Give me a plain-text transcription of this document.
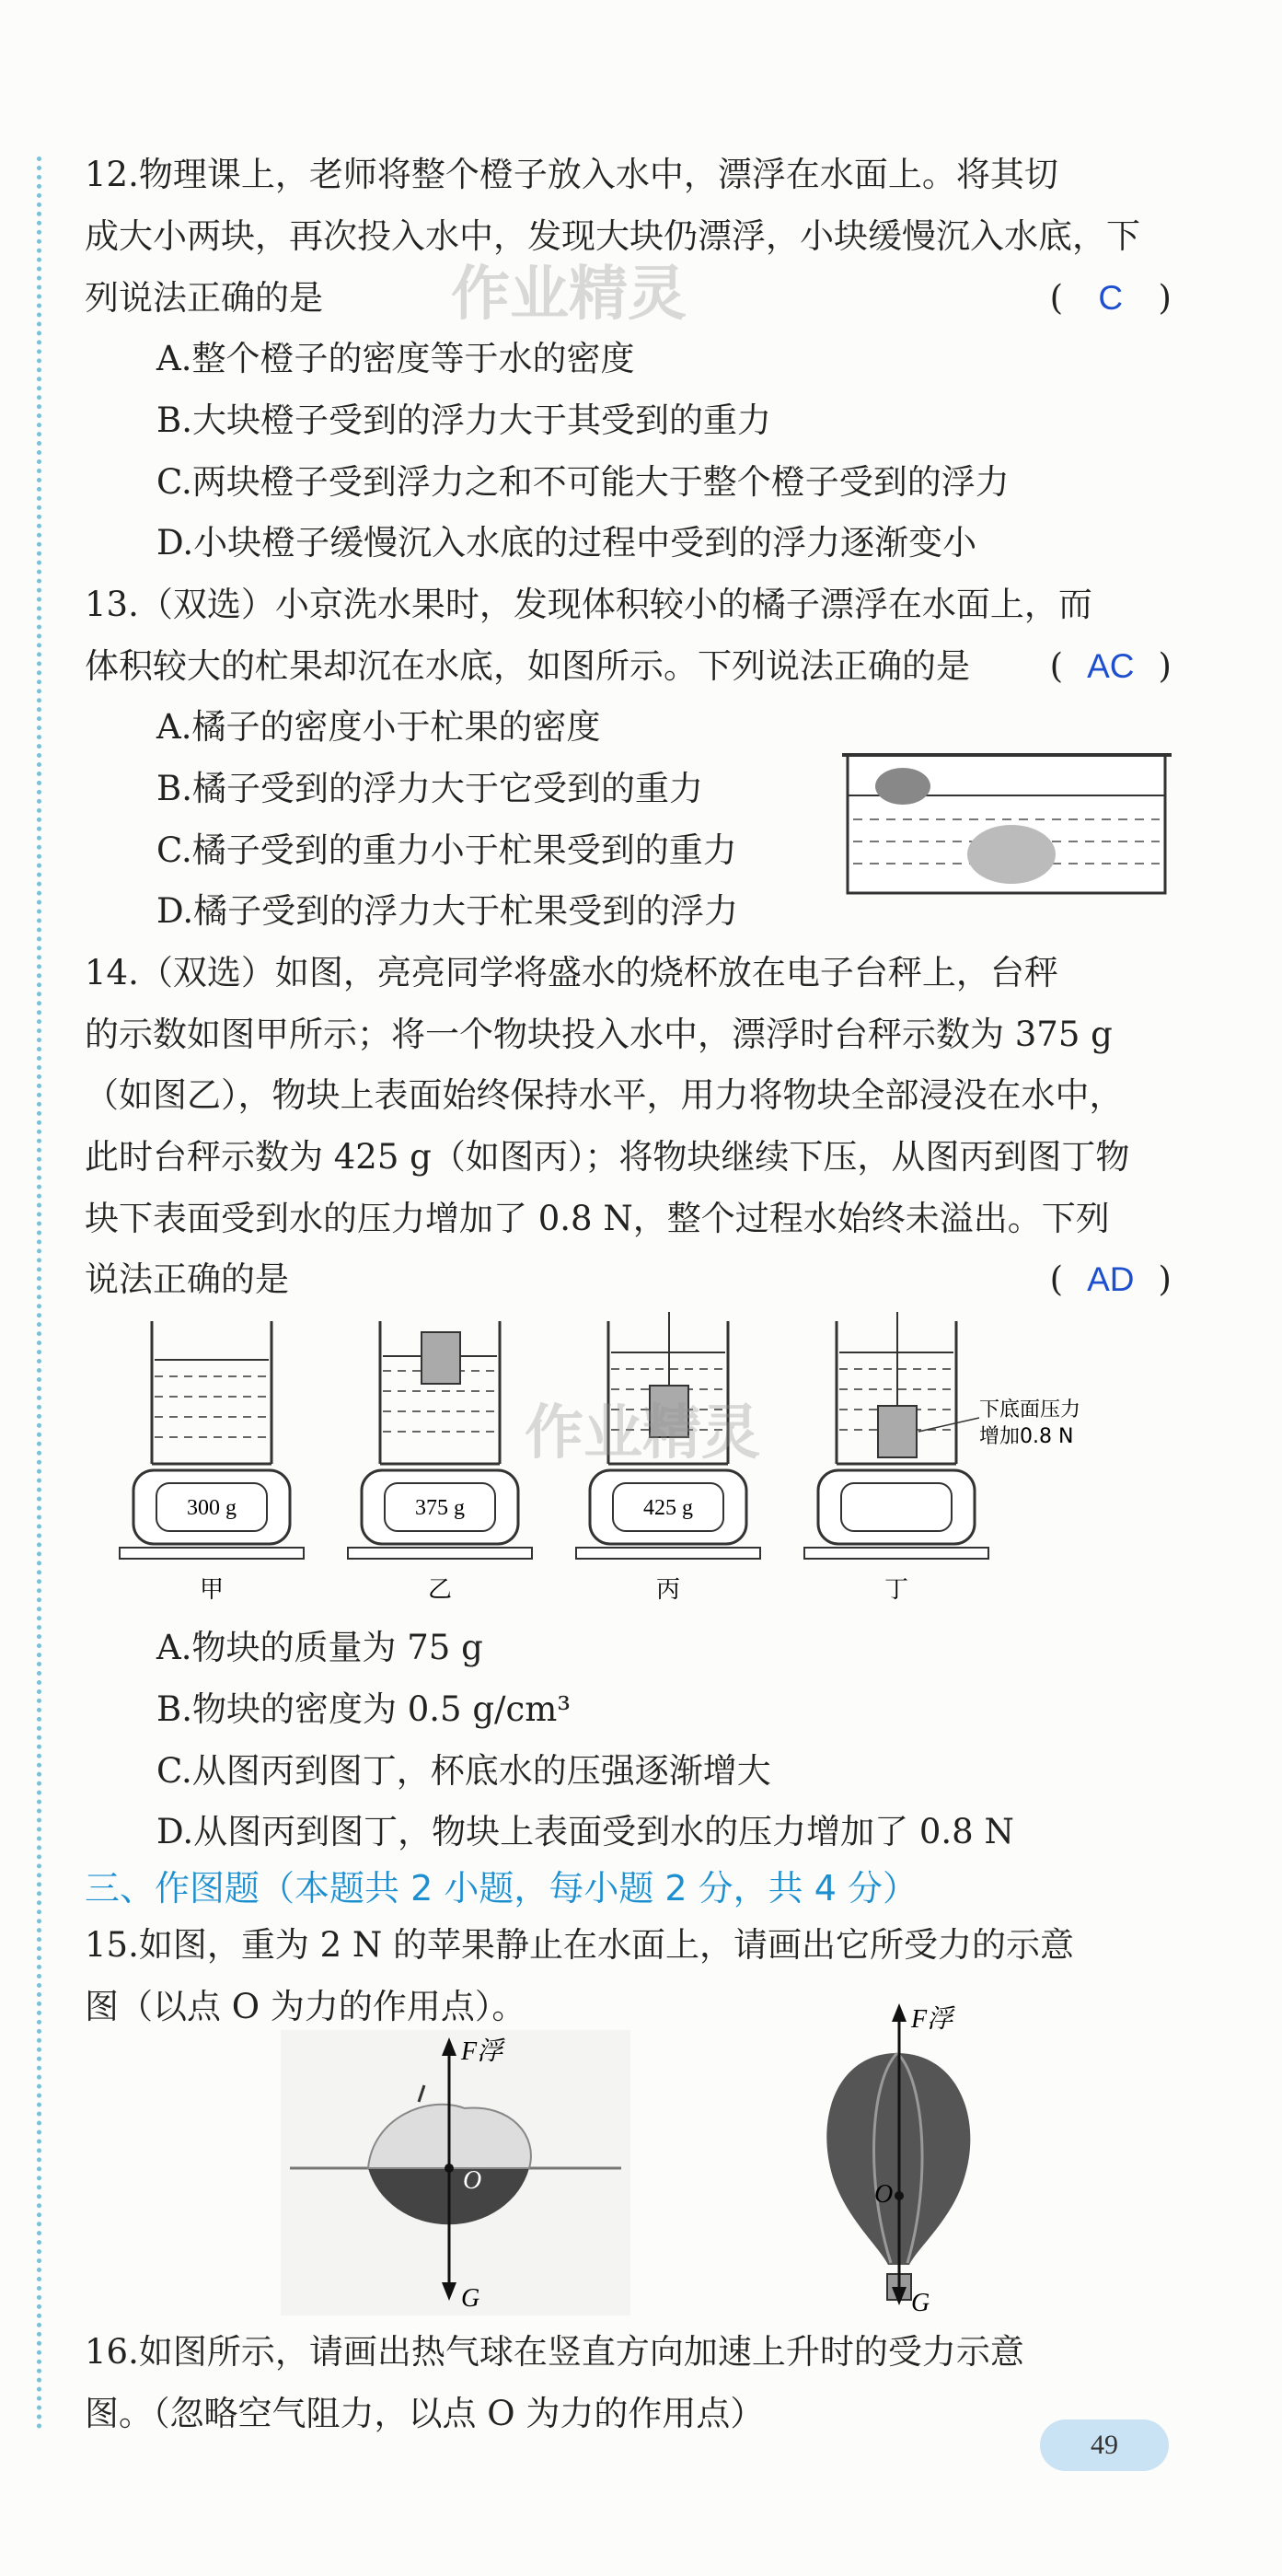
12.物理课上，老师将整个橙子放入水中，漂浮在水面上。将其切
成大小两块，再次投入水中，发现大块仍漂浮，小块缓慢沉入水底，下
列说法正确的是	( C )
作业精灵
A.整个橙子的密度等于水的密度
B.大块橙子受到的浮力大于其受到的重力
C.两块橙子受到浮力之和不可能大于整个橙子受到的浮力
D.小块橙子缓慢沉入水底的过程中受到的浮力逐渐变小
13.（双选）小京洗水果时，发现体积较小的橘子漂浮在水面上，而
体积较大的杧果却沉在水底，如图所示。下列说法正确的是 ( AC )
A.橘子的密度小于杧果的密度
B.橘子受到的浮力大于它受到的重力
C.橘子受到的重力小于杧果受到的重力
D.橘子受到的浮力大于杧果受到的浮力
14.（双选）如图，亮亮同学将盛水的烧杯放在电子台秤上，台秤
的示数如图甲所示；将一个物块投入水中，漂浮时台秤示数为 375 g
（如图乙），物块上表面始终保持水平，用力将物块全部浸没在水中，
此时台秤示数为 425 g（如图丙）；将物块继续下压，从图丙到图丁物
块下表面受到水的压力增加了 0.8 N，整个过程水始终未溢出。下列
说法正确的是	( AD )
300 g
甲
375 g
乙
425 g
丙	丁
下底面压力
增加0.8 N
作业精灵
A.物块的质量为 75 g
B.物块的密度为 0.5 g/cm³
C.从图丙到图丁，杯底水的压强逐渐增大
D.从图丙到图丁，物块上表面受到水的压力增加了 0.8 N
三、作图题（本题共 2 小题，每小题 2 分，共 4 分）
15.如图，重为 2 N 的苹果静止在水面上，请画出它所受力的示意
图（以点 O 为力的作用点）。
F浮
G
O
F浮
G
O
16.如图所示，请画出热气球在竖直方向加速上升时的受力示意
图。（忽略空气阻力，以点 O 为力的作用点）
49
